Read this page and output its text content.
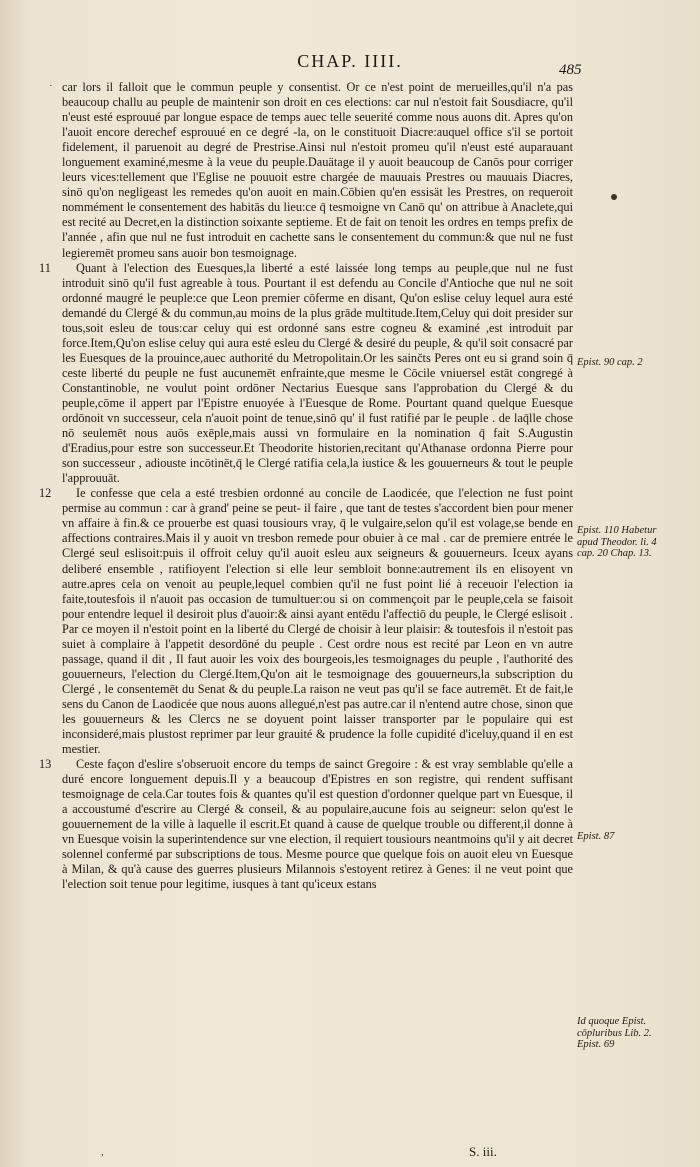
CHAP. IIII.	485
· car lors il falloit que le commun peuple y consentist. Or ce n'est point de merueilles,qu'il n'a pas beaucoup challu au peuple de maintenir son droit en ces elections: car nul n'estoit fait Sousdiacre, qu'il n'eust esté esprouué par longue espace de temps auec telle seuerité comme nous auons dit. Apres qu'on l'auoit encore derechef esprouué en ce degré -la, on le constituoit Diacre:auquel office s'il se portoit fidelement, il paruenoit au degré de Prestrise.Ainsi nul n'estoit promeu qu'il n'eust esté auparauant longuement examiné,mesme à la veue du peuple.Dauätage il y auoit beaucoup de Canōs pour corriger leurs vices:tellement que l'Eglise ne pouuoit estre chargée de mauuais Prestres ou mauuais Diacres, sinō qu'on negligeast les remedes qu'on auoit en main.Cōbien qu'en essisät les Prestres, on requeroit nommément le consentement des habitās du lieu:ce q̄ tesmoigne vn Canō qu' on attribue à Anaclete,qui est recité au Decret,en la distinction soixante septieme. Et de fait on tenoit les ordres en temps prefix de l'année , afin que nul ne fust introduit en cachette sans le consentement du commun:& que nul ne fust legieremēt promeu sans auoir bon tesmoignage.

11 Quant à l'election des Euesques,la liberté a esté laissée long temps au peuple,que nul ne fust introduit sinō qu'il fust agreable à tous. Pourtant il est defendu au Concile d'Antioche que nul ne soit ordonné maugré le peuple:ce que Leon premier cōferme en disant, Qu'on eslise celuy lequel aura esté demandé du Clergé & du commun,au moins de la plus grāde multitude.Item,Celuy qui doit presider sur tous,soit esleu de tous:car celuy qui est ordonné sans estre cogneu & examiné ,est introduit par force.Item,Qu'on eslise celuy qui aura esté esleu du Clergé & desiré du peuple, & qu'il soit consacré par les Euesques de la prouince,auec authorité du Metropolitain.Or les sainčts Peres ont eu si grand soin q̄ ceste liberté du peuple ne fust aucunemēt enfrainte,que mesme le Cōcile vniuersel estāt congregé à Constantinoble, ne voulut point ordōner Nectarius Euesque sans l'approbation du Clergé & du peuple,cōme il appert par l'Epistre enuoyée à l'Euesque de Rome. Pourtant quand quelque Euesque ordōnoit vn successeur, cela n'auoit point de tenue,sinō qu' il fust ratifié par le peuple . de laq̄lle chose nō seulemēt nous auōs exēple,mais aussi vn formulaire en la nomination q̄ fait S.Augustin d'Eradius,pour estre son successeur.Et Theodorite historien,recitant qu'Athanase ordonna Pierre pour son successeur , adiouste incōtinēt,q̄ le Clergé ratifia cela,la iustice & les gouuerneurs & tout le peuple l'approuuāt.

12 Ie confesse que cela a esté tresbien ordonné au concile de Laodicée, que l'election ne fust point permise au commun : car à grand' peine se peut- il faire , que tant de testes s'accordent bien pour mener vn affaire à fin.& ce prouerbe est quasi tousiours vray, q̄ le vulgaire,selon qu'il est volage,se bende en affections contraires.Mais il y auoit vn tresbon remede pour obuier à ce mal . car de premiere entrée le Clergé seul eslisoit:puis il offroit celuy qu'il auoit esleu aux seigneurs & gouuerneurs. Iceux ayans deliberé ensemble , ratifioyent l'election si elle leur sembloit bonne:autrement ils en elisoyent vn autre.apres cela on venoit au peuple,lequel combien qu'il ne fust point lié à receuoir l'election ia faite,toutesfois il n'auoit pas occasion de tumultuer:ou si on commençoit par le peuple,cela se faisoit pour entendre lequel il desiroit plus d'auoir:& ainsi ayant entēdu l'affectiō du peuple, le Clergé eslisoit . Par ce moyen il n'estoit point en la liberté du Clergé de choisir à leur plaisir: & toutesfois il n'estoit pas suiet à complaire à l'appetit desordōné du peuple . Cest ordre nous est recité par Leon en vn autre passage, quand il dit , Il faut auoir les voix des bourgeois,les tesmoignages du peuple , l'authorité des gouuerneurs, l'election du Clergé.Item,Qu'on ait le tesmoignage des gouuerneurs,la subscription du Clergé , le consentemēt du Senat & du peuple.La raison ne veut pas qu'il se face autremēt. Et de fait,le sens du Canon de Laodicée que nous auons allegué,n'est pas autre.car il n'entend autre chose, sinon que les gouuerneurs & les Clercs ne se doyuent point laisser transporter par le populaire qui est inconsideré,mais plustost reprimer par leur grauité & prudence la folle cupidité d'iceluy,quand il en est mestier.

13 Ceste façon d'eslire s'obseruoit encore du temps de sainct Gregoire : & est vray semblable qu'elle a duré encore longuement depuis.Il y a beaucoup d'Epistres en son registre, qui rendent suffisant tesmoignage de cela.Car toutes fois & quantes qu'il est question d'ordonner quelque part vn Euesque, il a accoustumé d'escrire au Clergé & conseil, & au populaire,aucune fois au seigneur: selon qu'est le gouuernement de la ville à laquelle il escrit.Et quand à cause de quelque trouble ou different,il donne à vn Euesque voisin la superintendence sur vne election, il requiert tousiours neantmoins qu'il y ait decret solennel confermé par subscriptions de tous. Mesme pource que quelque fois on auoit eleu vn Euesque à Milan, & qu'à cause des guerres plusieurs Milannois s'estoyent retirez à Genes: il ne veut point que l'election soit tenue pour legitime, iusques à tant qu'iceux estans

Epist. 90 cap. 2
Epist. 110 Habetur apud Theodor. li. 4 cap. 20 Chap. 13.
Epist. 87
Id quoque Epist. cōpluribus Lib. 2. Epist. 69
S. iii.
,
